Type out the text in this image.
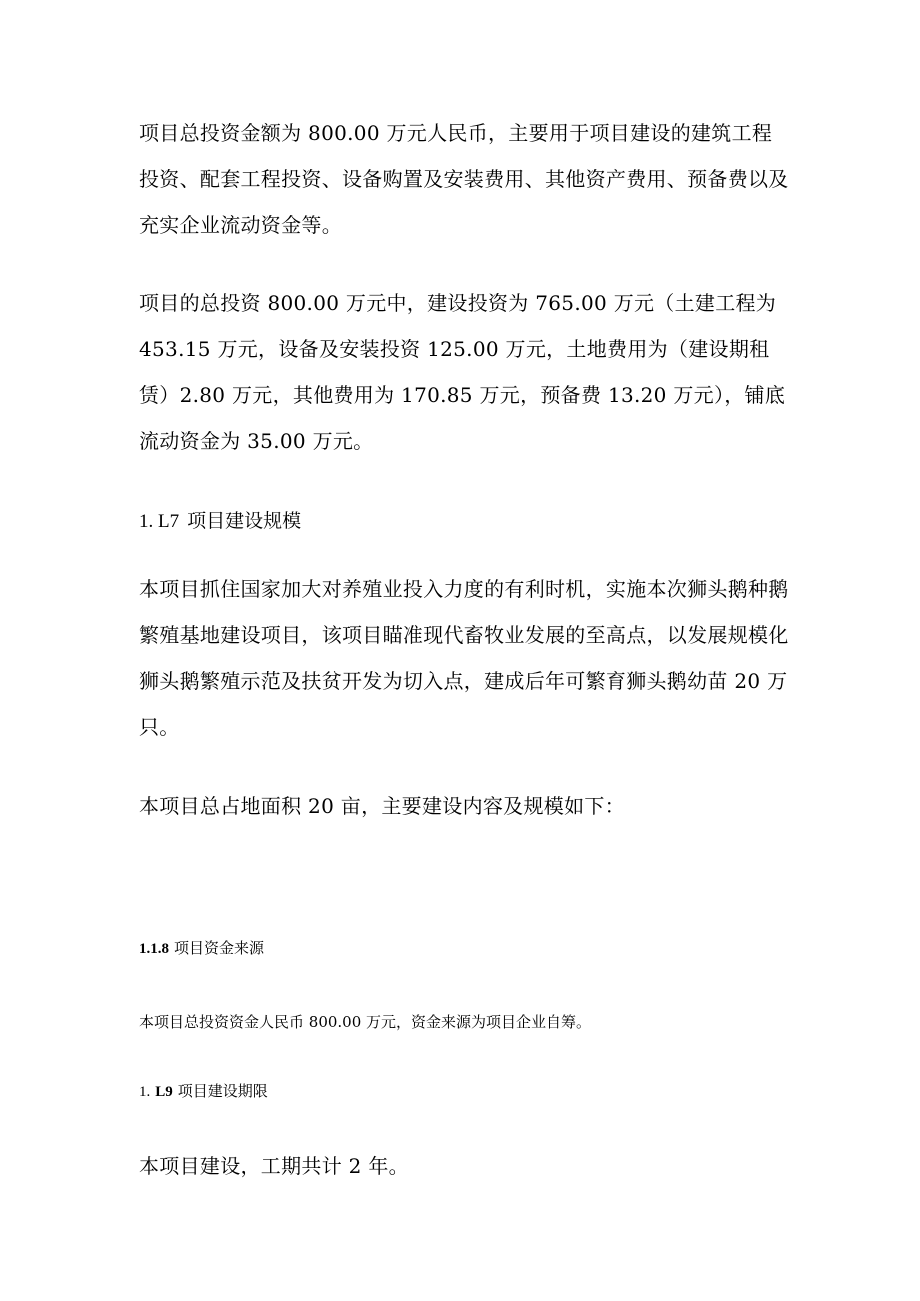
项目总投资金额为 800.00 万元人民币，主要用于项目建设的建筑工程投资、配套工程投资、设备购置及安装费用、其他资产费用、预备费以及充实企业流动资金等。

项目的总投资 800.00 万元中，建设投资为 765.00 万元（土建工程为 453.15 万元，设备及安装投资 125.00 万元，土地费用为（建设期租赁）2.80 万元，其他费用为 170.85 万元，预备费 13.20 万元），铺底流动资金为 35.00 万元。

1. L7 项目建设规模

本项目抓住国家加大对养殖业投入力度的有利时机，实施本次狮头鹅种鹅繁殖基地建设项目，该项目瞄准现代畜牧业发展的至高点，以发展规模化狮头鹅繁殖示范及扶贫开发为切入点，建成后年可繁育狮头鹅幼苗 20 万只。

本项目总占地面积 20 亩，主要建设内容及规模如下：

1.1.8 项目资金来源

本项目总投资资金人民币 800.00 万元，资金来源为项目企业自筹。

1. L9 项目建设期限

本项目建设，工期共计 2 年。
